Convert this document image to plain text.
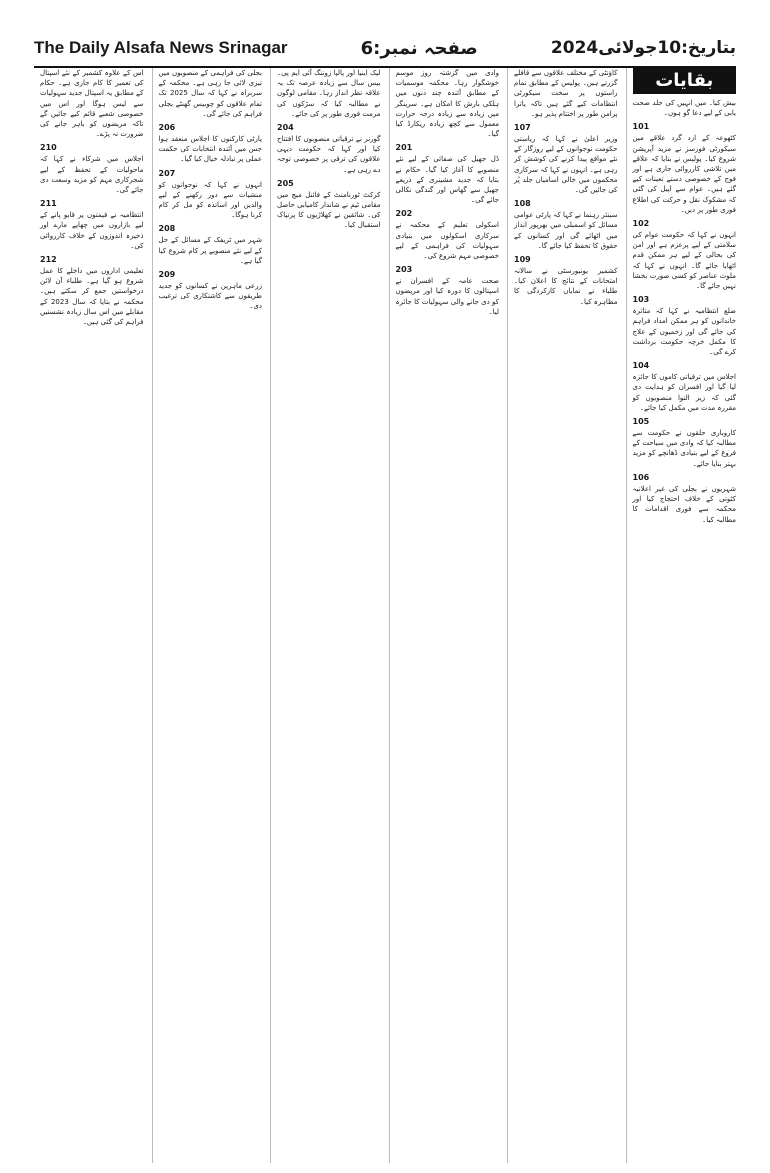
The Daily Alsafa News Srinagar	صفحہ نمبر:6	بتاریخ:10جولائی2024
بقایات

بیش کیا۔ میں انہیں کی جلد صحت یابی کے لیے دعا گو ہوں۔

101

کٹھوعہ کے ارد گرد علاقے میں سیکورٹی فورسز نے مزید آپریشن شروع کیا۔ پولیس نے بتایا کہ علاقے میں تلاشی کارروائی جاری ہے اور فوج کے خصوصی دستے تعینات کیے گئے ہیں۔ عوام سے اپیل کی گئی کہ مشکوک نقل و حرکت کی اطلاع فوری طور پر دیں۔

102

انہوں نے کہا کہ حکومت عوام کی سلامتی کے لیے پرعزم ہے اور امن کی بحالی کے لیے ہر ممکن قدم اٹھایا جائے گا۔ انہوں نے کہا کہ ملوث عناصر کو کسی صورت بخشا نہیں جائے گا۔

103

ضلع انتظامیہ نے کہا کہ متاثرہ خاندانوں کو ہر ممکن امداد فراہم کی جائے گی اور زخمیوں کے علاج کا مکمل خرچہ حکومت برداشت کرے گی۔

104

اجلاس میں ترقیاتی کاموں کا جائزہ لیا گیا اور افسران کو ہدایت دی گئی کہ زیر التوا منصوبوں کو مقررہ مدت میں مکمل کیا جائے۔

105

کاروباری حلقوں نے حکومت سے مطالبہ کیا کہ وادی میں سیاحت کے فروغ کے لیے بنیادی ڈھانچے کو مزید بہتر بنایا جائے۔

106

شہریوں نے بجلی کی غیر اعلانیہ کٹوتی کے خلاف احتجاج کیا اور محکمہ سے فوری اقدامات کا مطالبہ کیا۔

کاؤنٹی کے مختلف علاقوں سے قافلے گزرتے ہیں۔ پولیس کے مطابق تمام راستوں پر سخت سیکورٹی انتظامات کیے گئے ہیں تاکہ یاترا پرامن طور پر اختتام پذیر ہو۔

107

وزیر اعلیٰ نے کہا کہ ریاستی حکومت نوجوانوں کے لیے روزگار کے نئے مواقع پیدا کرنے کی کوشش کر رہی ہے۔ انہوں نے کہا کہ سرکاری محکموں میں خالی اسامیاں جلد پُر کی جائیں گی۔

108

سینئر رہنما نے کہا کہ پارٹی عوامی مسائل کو اسمبلی میں بھرپور انداز میں اٹھائے گی اور کسانوں کے حقوق کا تحفظ کیا جائے گا۔

109

کشمیر یونیورسٹی نے سالانہ امتحانات کے نتائج کا اعلان کیا۔ طلباء نے نمایاں کارکردگی کا مظاہرہ کیا۔

وادی میں گزشتہ روز موسم خوشگوار رہا۔ محکمہ موسمیات کے مطابق آئندہ چند دنوں میں ہلکی بارش کا امکان ہے۔ سرینگر میں زیادہ سے زیادہ درجہ حرارت معمول سے کچھ زیادہ ریکارڈ کیا گیا۔

201

ڈل جھیل کی صفائی کے لیے نئے منصوبے کا آغاز کیا گیا۔ حکام نے بتایا کہ جدید مشینری کے ذریعے جھیل سے گھاس اور گندگی نکالی جائے گی۔

202

اسکولی تعلیم کے محکمہ نے سرکاری اسکولوں میں بنیادی سہولیات کی فراہمی کے لیے خصوصی مہم شروع کی۔

203

صحت عامہ کے افسران نے اسپتالوں کا دورہ کیا اور مریضوں کو دی جانے والی سہولیات کا جائزہ لیا۔

لیک اینیا اور پالپا زوننگ آئی ایم پی۔ بیس سال سے زیادہ عرصہ تک یہ علاقہ نظر انداز رہا۔ مقامی لوگوں نے مطالبہ کیا کہ سڑکوں کی مرمت فوری طور پر کی جائے۔

204

گورنر نے ترقیاتی منصوبوں کا افتتاح کیا اور کہا کہ حکومت دیہی علاقوں کی ترقی پر خصوصی توجہ دے رہی ہے۔

205

کرکٹ ٹورنامنٹ کے فائنل میچ میں مقامی ٹیم نے شاندار کامیابی حاصل کی۔ شائقین نے کھلاڑیوں کا پرتپاک استقبال کیا۔

بجلی کی فراہمی کے منصوبوں میں تیزی لائی جا رہی ہے۔ محکمہ کے سربراہ نے کہا کہ سال 2025 تک تمام علاقوں کو چوبیس گھنٹے بجلی فراہم کی جائے گی۔

206

پارٹی کارکنوں کا اجلاس منعقد ہوا جس میں آئندہ انتخابات کی حکمت عملی پر تبادلہ خیال کیا گیا۔

207

انہوں نے کہا کہ نوجوانوں کو منشیات سے دور رکھنے کے لیے والدین اور اساتذہ کو مل کر کام کرنا ہوگا۔

208

شہر میں ٹریفک کے مسائل کے حل کے لیے نئے منصوبے پر کام شروع کیا گیا ہے۔

209

زرعی ماہرین نے کسانوں کو جدید طریقوں سے کاشتکاری کی ترغیب دی۔

اس کے علاوہ کشمیر کے نئے اسپتال کی تعمیر کا کام جاری ہے۔ حکام کے مطابق یہ اسپتال جدید سہولیات سے لیس ہوگا اور اس میں خصوصی شعبے قائم کیے جائیں گے تاکہ مریضوں کو باہر جانے کی ضرورت نہ پڑے۔

210

اجلاس میں شرکاء نے کہا کہ ماحولیات کے تحفظ کے لیے شجرکاری مہم کو مزید وسعت دی جائے گی۔

211

انتظامیہ نے قیمتوں پر قابو پانے کے لیے بازاروں میں چھاپے مارے اور ذخیرہ اندوزوں کے خلاف کارروائی کی۔

212

تعلیمی اداروں میں داخلے کا عمل شروع ہو گیا ہے۔ طلباء آن لائن درخواستیں جمع کر سکتے ہیں۔ محکمہ نے بتایا کہ سال 2023 کے مقابلے میں اس سال زیادہ نشستیں فراہم کی گئی ہیں۔
